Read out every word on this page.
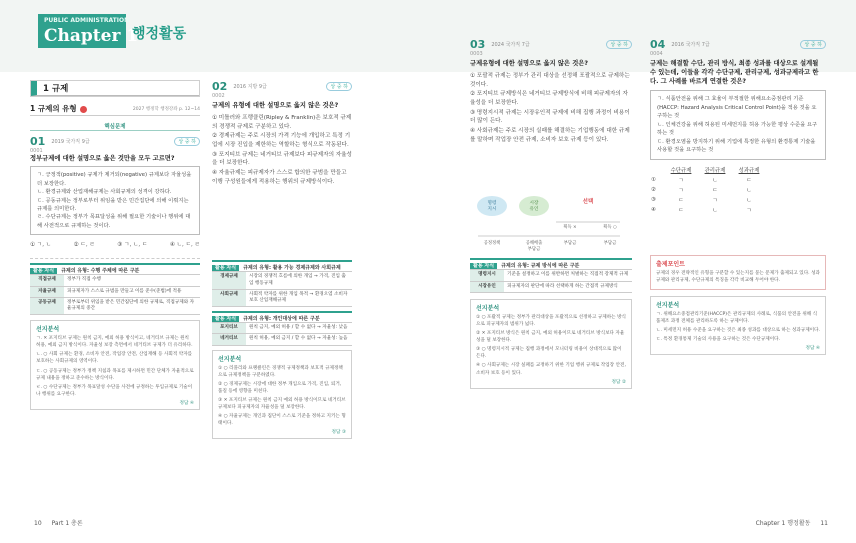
PUBLIC ADMINISTRATION
Chapter 1
행정활동
1 규제
1 규제의 유형	2027 행정학 행정강좌 p. 12~14
핵심문제
01 2019 국가직 9급	상 중 하
0001
정부규제에 대한 설명으로 옳은 것만을 모두 고르면?

ㄱ. 긍정적(positive) 규제가 제거되(negative) 규제보다 자율성을 더 보장한다.

ㄴ. 환경규제와 산업재해규제는 사회규제의 성격이 강하다.

ㄷ. 공동규제는 정부로부터 위임을 받은 민간집단에 의해 이뤄지는 규제를 의미한다.

ㄹ. 수단규제는 정부가 목표달성을 위해 필요한 기술이나 행위에 대해 사전적으로 규제하는 것이다.

① ㄱ, ㄴ	② ㄷ, ㄹ	③ ㄱ, ㄴ, ㄷ	④ ㄴ, ㄷ, ㄹ
활용 자식 규제의 유형: 수행 주체에 따른 구분
직접규제	정부가 직접 수행
자율규제	피규제자가 스스로 규범을 만들고 이를 준수(준법)에 적용
공동규제	정부로부터 위임을 받은 민간집단에 의한 규제로, 직접규제와 자율규제의 중간
선지분석

ㄱ. ✕ 포지티브 규제는 원칙 금지, 예외 허용 방식이고, 네거티브 규제는 원칙 허용, 예외 금지 방식이다. 자율성 보장 측면에서 네거티브 규제가 더 유리하다.

ㄴ. ○ 사회 규제는 환경, 소비자 안전, 작업장 안전, 산업재해 등 사회적 약자를 보호하는 사회규제의 영역이다.

ㄷ. ○ 공동규제는 정부가 정책 지침과 목표를 제시하면 민간 단체가 자율적으로 규제 내용을 정하고 준수하는 방식이다.

ㄹ. ○ 수단규제는 정부가 목표달성 수단을 사전에 규정하는 투입규제로 기술이나 행위를 요구한다.

정답 ④
02 2016 지방 9급	상 중 하
0002
규제의 유형에 대한 설명으로 옳지 않은 것은?
① 미틀러와 프랭클린(Ripley & Franklin)은 보호적 규제의 경쟁적 규제로 구분하고 있다.
② 경제규제는 주로 시장의 가격 기능에 개입하고 특정 기업에 시장 진입을 제한하는 역할하는 형식으로 작동된다.
③ 포지티브 규제는 네거티브 규제보다 피규제자의 자율성을 더 보장한다.
④ 자율규제는 피규제자가 스스로 합의한 규범을 만들고 이행 구성원들에게 적용하는 행위의 규제방식이다.
활용 자식 규제의 유형: 활용 가능 경제규제와 사회규제
경제규제	시장의 경쟁적 흐름에 의한 개입 → 가격, 진입 출입 행동규제
사회규제	사회적 약자를 위한 개입 목적 → 환경오염 소비자보호 산업재해규제
활용 자식 규제의 유형: 개인대상에 따른 구분
포지티브	원칙 금지, 예외 허용 / 할 수 없다 → 자율성: 낮음
네거티브	원칙 허용, 예외 금지 / 할 수 없다 → 자율성: 높음
선지분석

① ○ 리플리와 프랭클린은 경쟁적 규제정책과 보호적 규제정책으로 규제정책을 구분하였다.

② ○ 경제규제는 시장에 대한 정부 개입으로 가격, 진입, 퇴거, 품질 등에 영향을 미친다.

③ ✕ 포지티브 규제는 원칙 금지 예외 허용 방식이므로 네거티브 규제보다 피규제자의 자율성을 덜 보장한다.

④ ○ 자율규제는 개인과 집단이 스스로 기준을 정하고 지키는 형태이다.

정답 ③
03 2024 국가직 7급	상 중 하
0003
규제유형에 대한 설명으로 옳지 않은 것은?
① 포괄적 규제는 정부가 관리 대상을 선정해 포괄적으로 규제하는 것이다.
② 포지티브 규제방식은 네거티브 규제방식에 비해 피규제자의 자율성을 더 보장한다.
③ 명령지시적 규제는 시장유인적 규제에 비해 집행 과정이 비용이 더 많이 든다.
④ 사회규제는 주로 시장의 실패를 해결하는 기업행동에 대한 규제를 말하며 작업장 안전 규제, 소비자 보호 규제 등이 있다.
명령
지시
시장
유인
선택
공정정책	공해배출
부담금
획득 ×	획득 ○
부담금	부담금
활용 자식 규제의 유형: 규제 방식에 따른 구분
명령지시	기준을 설정하고 이를 위반하면 처벌하는 직접적 강제적 규제
시장유인	피규제자의 판단에 따라 선택하게 하는 간접적 규제방식
선지분석

① ○ 포괄적 규제는 정부가 관리대상을 포괄적으로 선정하고 규제하는 방식으로 피규제자의 범위가 넓다.

② ✕ 포지티브 방식은 원칙 금지, 예외 허용이므로 네거티브 방식보다 자율성을 덜 보장한다.

③ ○ 명령지시적 규제는 집행 과정에서 모니터링 비용이 상대적으로 많이 든다.

④ ○ 사회규제는 시장 실패를 교정하기 위한 기업 행위 규제로 작업장 안전, 소비자 보호 등이 있다.

정답 ②
04 2016 국가직 7급	상 중 하
0004
규제는 해결할 수단, 관리 방식, 최종 성과를 대상으로 설계될 수 있는데, 이들을 각각 수단규제, 관리규제, 성과규제라고 한다. 그 사례를 바르게 연결한 것은?

ㄱ. 식품안전을 위해 그 효율이 부적절한 위해요소중점관리 기준(HACCP: Hazard Analysis Critical Control Point)을 적용 것을 요구하는 것

ㄴ. 인체건강을 위해 허용된 미세먼지를 허용 가능한 평상 수준을 요구하는 것

ㄷ. 환경오염을 방지하기 위해 기업에 특정한 유형의 환경통제 기술을 사용할 것을 요구하는 것

	수단규제	관리규제	성과규제
①	ㄱ	ㄴ	ㄷ
②	ㄱ	ㄷ	ㄴ
③	ㄷ	ㄱ	ㄴ
④	ㄷ	ㄴ	ㄱ
출제포인트

규제의 경우 전략적인 유형을 구분할 수 있는지를 묻는 문제가 출제되고 있다. 성과규제와 관리규제, 수단규제의 특징을 각각 비교해 두어야 한다.

선지분석

ㄱ. 위해요소중점관리기준(HACCP)은 관리규제의 사례로, 식품의 안전을 위해 식품제조 과정 전체를 관리하도록 하는 규제이다.

ㄴ. 미세먼지 허용 수준을 요구하는 것은 최종 성과를 대상으로 하는 성과규제이다.

ㄷ. 특정 환경통제 기술의 사용을 요구하는 것은 수단규제이다.

정답 ④
10 Part 1 총론	Chapter 1 행정활동 11
